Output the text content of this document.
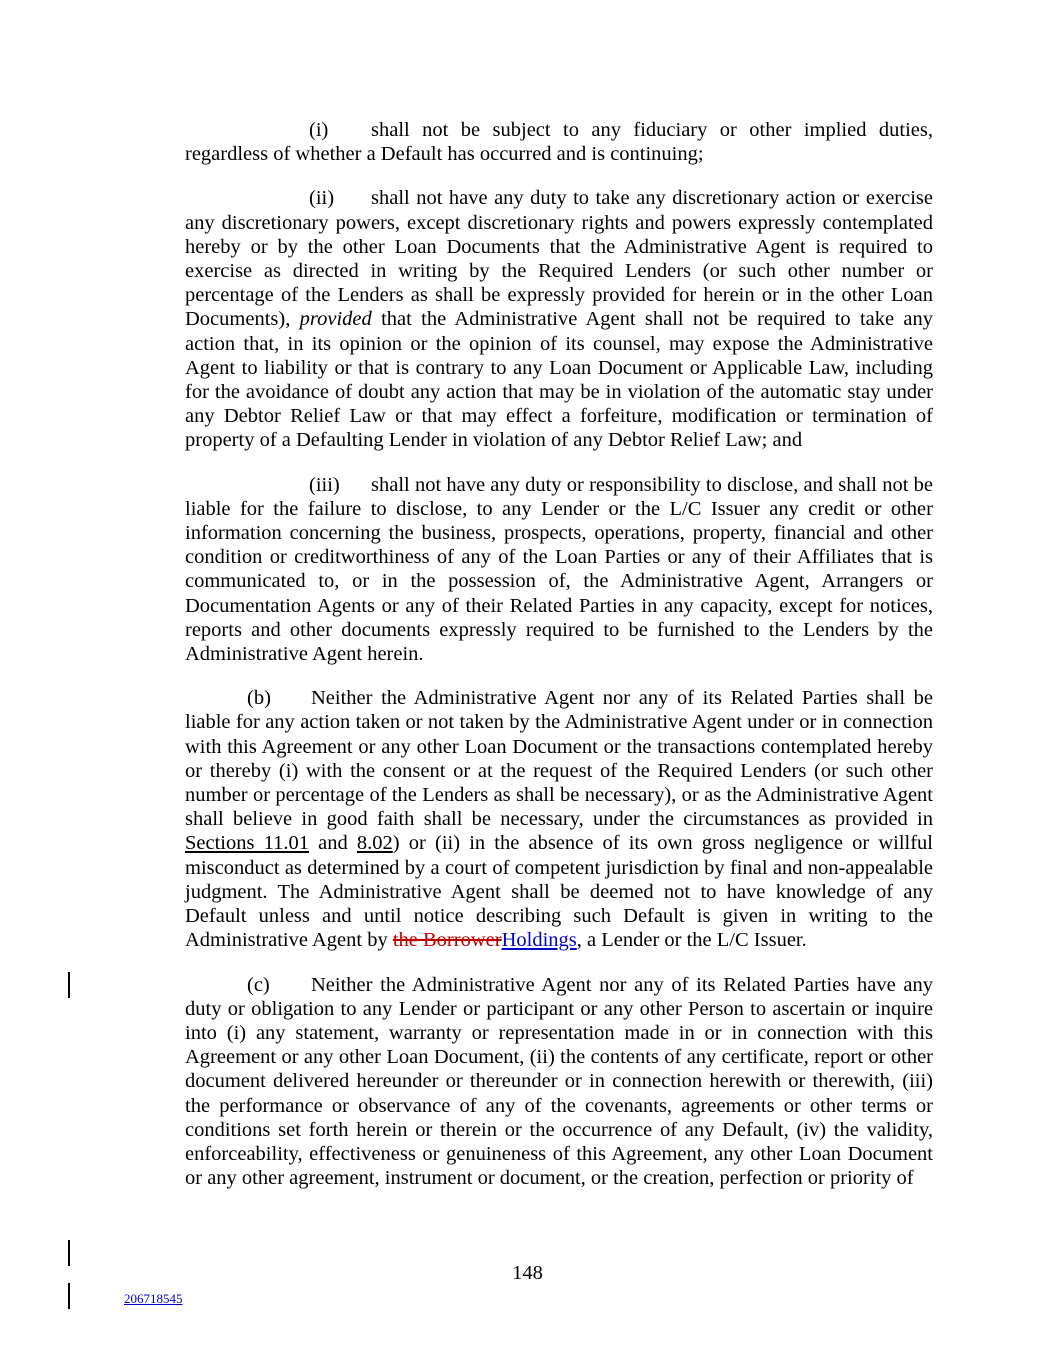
(i) shall not be subject to any fiduciary or other implied duties, regardless of whether a Default has occurred and is continuing;

(ii) shall not have any duty to take any discretionary action or exercise any discretionary powers, except discretionary rights and powers expressly contemplated hereby or by the other Loan Documents that the Administrative Agent is required to exercise as directed in writing by the Required Lenders (or such other number or percentage of the Lenders as shall be expressly provided for herein or in the other Loan Documents), provided that the Administrative Agent shall not be required to take any action that, in its opinion or the opinion of its counsel, may expose the Administrative Agent to liability or that is contrary to any Loan Document or Applicable Law, including for the avoidance of doubt any action that may be in violation of the automatic stay under any Debtor Relief Law or that may effect a forfeiture, modification or termination of property of a Defaulting Lender in violation of any Debtor Relief Law; and

(iii) shall not have any duty or responsibility to disclose, and shall not be liable for the failure to disclose, to any Lender or the L/C Issuer any credit or other information concerning the business, prospects, operations, property, financial and other condition or creditworthiness of any of the Loan Parties or any of their Affiliates that is communicated to, or in the possession of, the Administrative Agent, Arrangers or Documentation Agents or any of their Related Parties in any capacity, except for notices, reports and other documents expressly required to be furnished to the Lenders by the Administrative Agent herein.

(b) Neither the Administrative Agent nor any of its Related Parties shall be liable for any action taken or not taken by the Administrative Agent under or in connection with this Agreement or any other Loan Document or the transactions contemplated hereby or thereby (i) with the consent or at the request of the Required Lenders (or such other number or percentage of the Lenders as shall be necessary), or as the Administrative Agent shall believe in good faith shall be necessary, under the circumstances as provided in Sections 11.01 and 8.02) or (ii) in the absence of its own gross negligence or willful misconduct as determined by a court of competent jurisdiction by final and non-appealable judgment. The Administrative Agent shall be deemed not to have knowledge of any Default unless and until notice describing such Default is given in writing to the Administrative Agent by the BorrowerHoldings, a Lender or the L/C Issuer.

(c) Neither the Administrative Agent nor any of its Related Parties have any duty or obligation to any Lender or participant or any other Person to ascertain or inquire into (i) any statement, warranty or representation made in or in connection with this Agreement or any other Loan Document, (ii) the contents of any certificate, report or other document delivered hereunder or thereunder or in connection herewith or therewith, (iii) the performance or observance of any of the covenants, agreements or other terms or conditions set forth herein or therein or the occurrence of any Default, (iv) the validity, enforceability, effectiveness or genuineness of this Agreement, any other Loan Document or any other agreement, instrument or document, or the creation, perfection or priority of

148
206718545
